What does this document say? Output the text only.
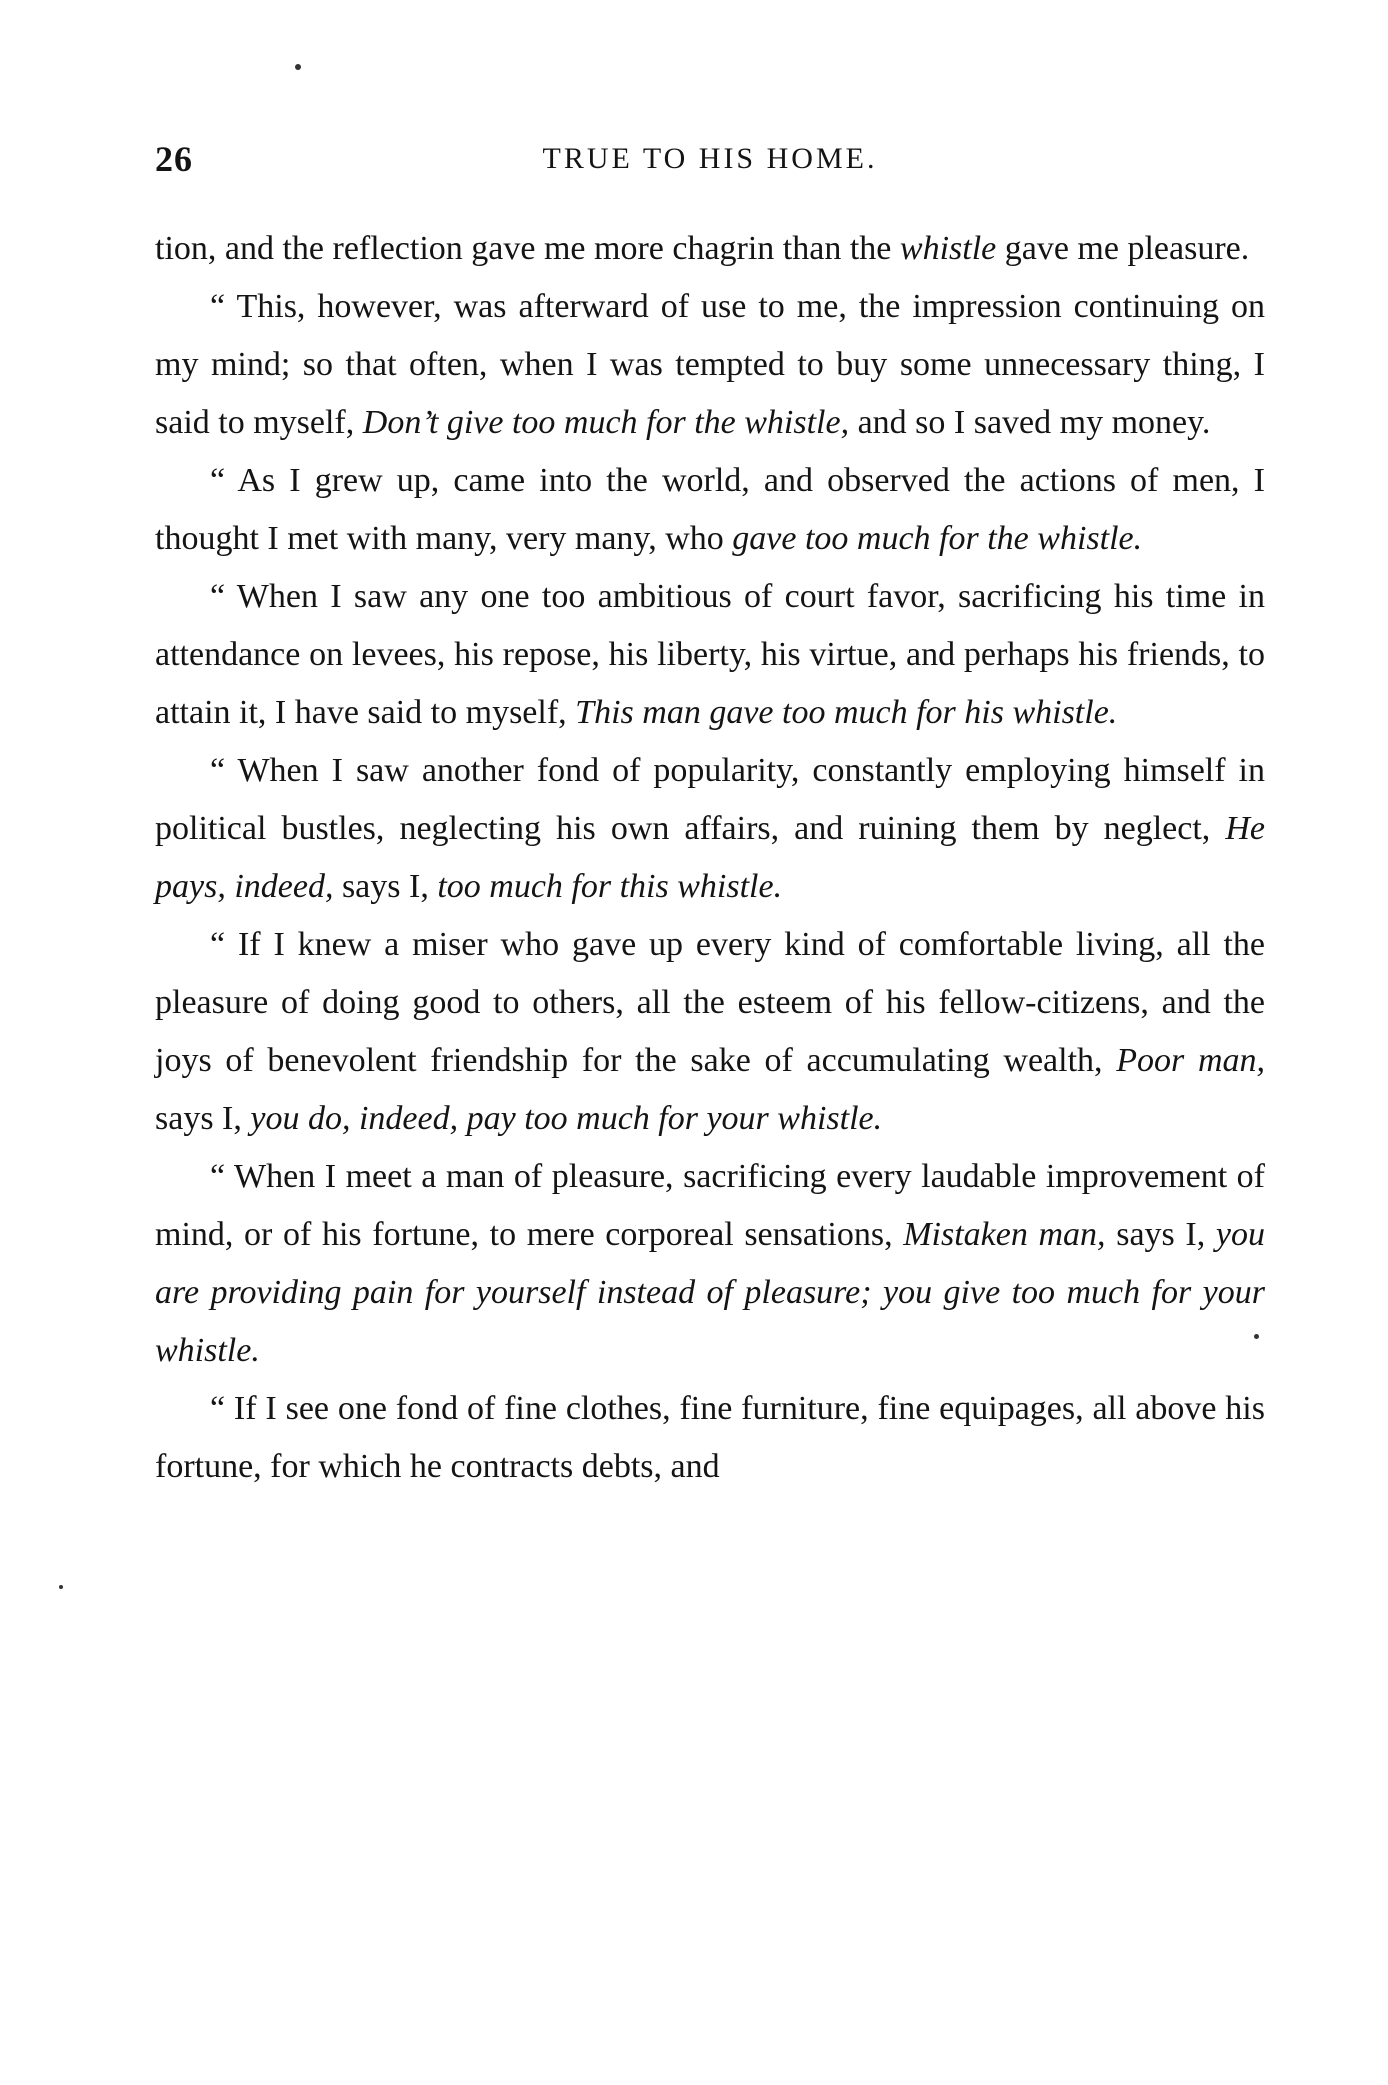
26	TRUE TO HIS HOME.

tion, and the reflection gave me more chagrin than the whistle gave me pleasure.

“ This, however, was afterward of use to me, the impression continuing on my mind; so that often, when I was tempted to buy some unnecessary thing, I said to myself, Don’t give too much for the whistle, and so I saved my money.

“ As I grew up, came into the world, and observed the actions of men, I thought I met with many, very many, who gave too much for the whistle.

“ When I saw any one too ambitious of court favor, sacrificing his time in attendance on levees, his repose, his liberty, his virtue, and perhaps his friends, to attain it, I have said to myself, This man gave too much for his whistle.

“ When I saw another fond of popularity, constantly employing himself in political bustles, neglecting his own affairs, and ruining them by neglect, He pays, indeed, says I, too much for this whistle.

“ If I knew a miser who gave up every kind of comfortable living, all the pleasure of doing good to others, all the esteem of his fellow-citizens, and the joys of benevolent friendship for the sake of accumulating wealth, Poor man, says I, you do, indeed, pay too much for your whistle.

“ When I meet a man of pleasure, sacrificing every laudable improvement of mind, or of his fortune, to mere corporeal sensations, Mistaken man, says I, you are providing pain for yourself instead of pleasure; you give too much for your whistle.

“ If I see one fond of fine clothes, fine furniture, fine equipages, all above his fortune, for which he contracts debts, and
